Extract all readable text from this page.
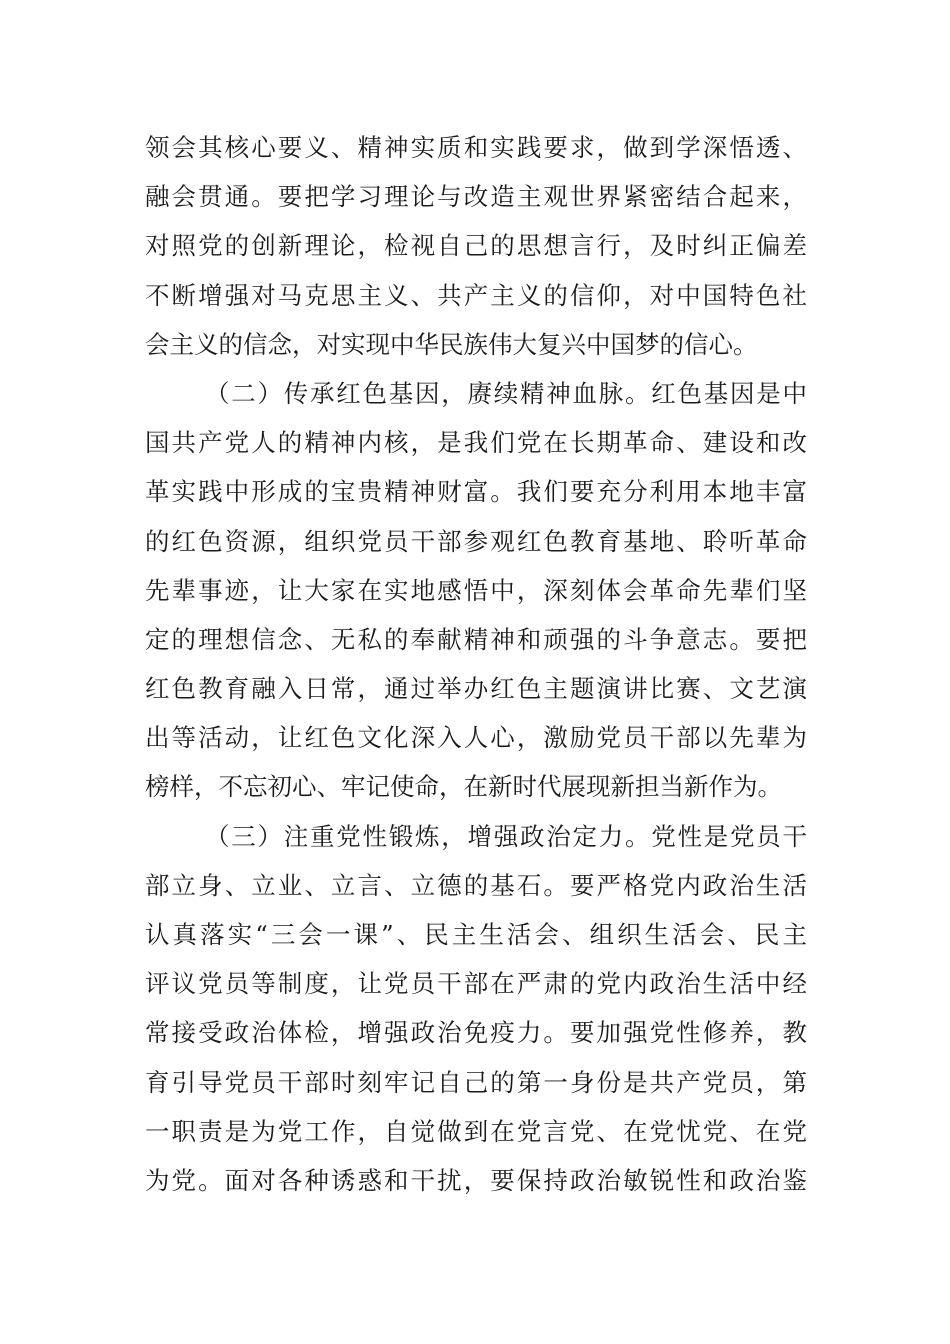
领会其核心要义、精神实质和实践要求，做到学深悟透、
融会贯通。要把学习理论与改造主观世界紧密结合起来，
对照党的创新理论，检视自己的思想言行，及时纠正偏差
不断增强对马克思主义、共产主义的信仰，对中国特色社
会主义的信念，对实现中华民族伟大复兴中国梦的信心。
（二）传承红色基因，赓续精神血脉。红色基因是中
国共产党人的精神内核，是我们党在长期革命、建设和改
革实践中形成的宝贵精神财富。我们要充分利用本地丰富
的红色资源，组织党员干部参观红色教育基地、聆听革命
先辈事迹，让大家在实地感悟中，深刻体会革命先辈们坚
定的理想信念、无私的奉献精神和顽强的斗争意志。要把
红色教育融入日常，通过举办红色主题演讲比赛、文艺演
出等活动，让红色文化深入人心，激励党员干部以先辈为
榜样，不忘初心、牢记使命，在新时代展现新担当新作为。
（三）注重党性锻炼，增强政治定力。党性是党员干
部立身、立业、立言、立德的基石。要严格党内政治生活
认真落实“三会一课”、民主生活会、组织生活会、民主
评议党员等制度，让党员干部在严肃的党内政治生活中经
常接受政治体检，增强政治免疫力。要加强党性修养，教
育引导党员干部时刻牢记自己的第一身份是共产党员，第
一职责是为党工作，自觉做到在党言党、在党忧党、在党
为党。面对各种诱惑和干扰，要保持政治敏锐性和政治鉴
